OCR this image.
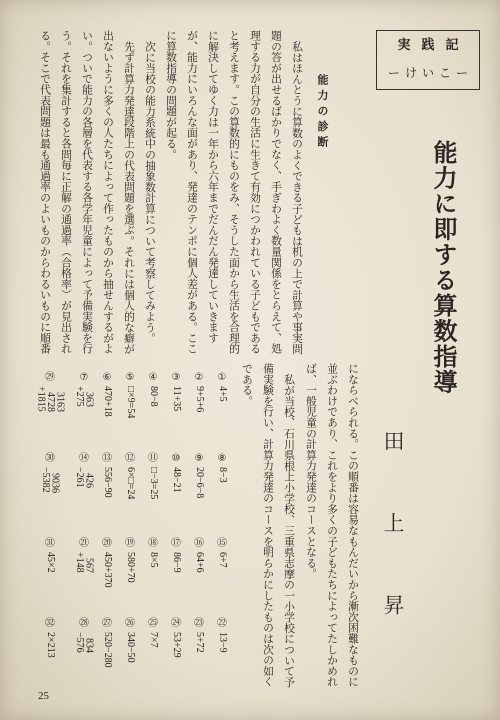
実践記
ーけいこー
能力の診断
能力に即する算数指導
田上昇
私はほんとうに算数のよくできる子どもは机の上で計算や事実問
題の答が出せるばかりでなく、手ぎわよく数量関係をとらえて、処
理する力が自分の生活に生きて有効につかわれている子どもである
と考えます。この算数的にものをみ、そうした面から生活を合理的
に解決してゆく力は一年から六年までだんだん発達していきます
が、能力にいろんな面があり、発達のテンポに個人差がある。ここ
に算数指導の問題が起る。
次に当校の能力系統中の抽象数計算について考察してみよう。
先ず計算力発達段階上の代表問題を選ぶ。それには個人的な癖が
出ないように多くの人たちによって作ったものから抽せんするがよ
い。ついで能力の各層を代表する各学年児童によって予備実験を行
う。それを集計すると各問毎に正解の通過率（合格率）が見出され
る。そこで代表問題は最も通過率のよいものからわるいものに順番
にならべられる。この順番は容易なもんだいから漸次困難なものに
並ぶわけであり、これをより多くの子どもたちによってたしかめれ
ば、一般児童の計算力発達のコースとなる。
私が当校、石川県根上小学校、三重県志摩の一小学校について予
備実験を行い、計算力発達のコースを明らかにしたものは次の如く
である。
①
4+5
②
9+5+6
③
11+35
④
80−8
⑤
□×9=54
⑥
470+18
⑦
363
+275
⑧
8−3
⑨
20−6−8
⑩
48−21
⑪
□−3=25
⑫
6×□=24
⑬
556−90
⑭
426
−261
⑮
6+7
⑯
64+6
⑰
86−9
⑱
8×5
⑲
580+70
⑳
450+370
㉑
567
+148
㉒
13−9
㉓
5+72
㉔
53+29
㉕
7×7
㉖
340−50
㉗
520−280
㉘
834
−576
㉙
3163
4728
+1815
㉚
9036
−5382
㉛
45×2
㉜
2×213
25
